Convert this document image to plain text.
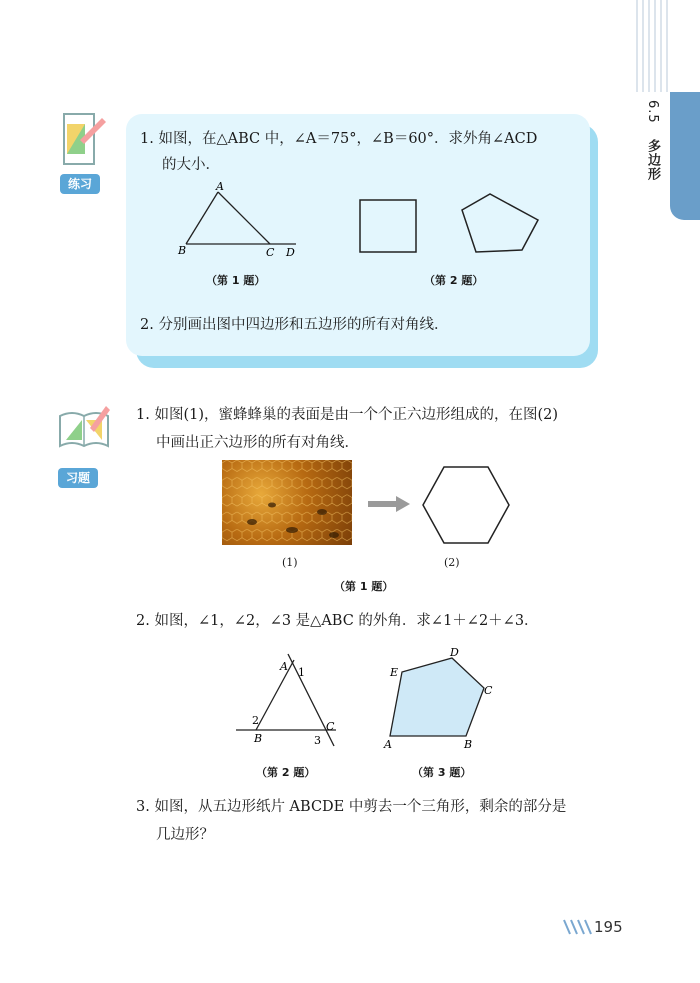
6.5 多边形
练习
1. 如图，在△ABC 中，∠A＝75°，∠B＝60°．求外角∠ACD
的大小．
A
B	C D
（第 1 题）	（第 2 题）
2. 分别画出图中四边形和五边形的所有对角线．
习题
1. 如图(1)，蜜蜂蜂巢的表面是由一个个正六边形组成的，在图(2)
中画出正六边形的所有对角线．
(1)	(2)
（第 1 题）
2. 如图，∠1，∠2，∠3 是△ABC 的外角．求∠1＋∠2＋∠3．
A 1
2
B
C
3
（第 2 题）
A	B
C
D
E
（第 3 题）
3. 如图，从五边形纸片 ABCDE 中剪去一个三角形，剩余的部分是
几边形？
195
